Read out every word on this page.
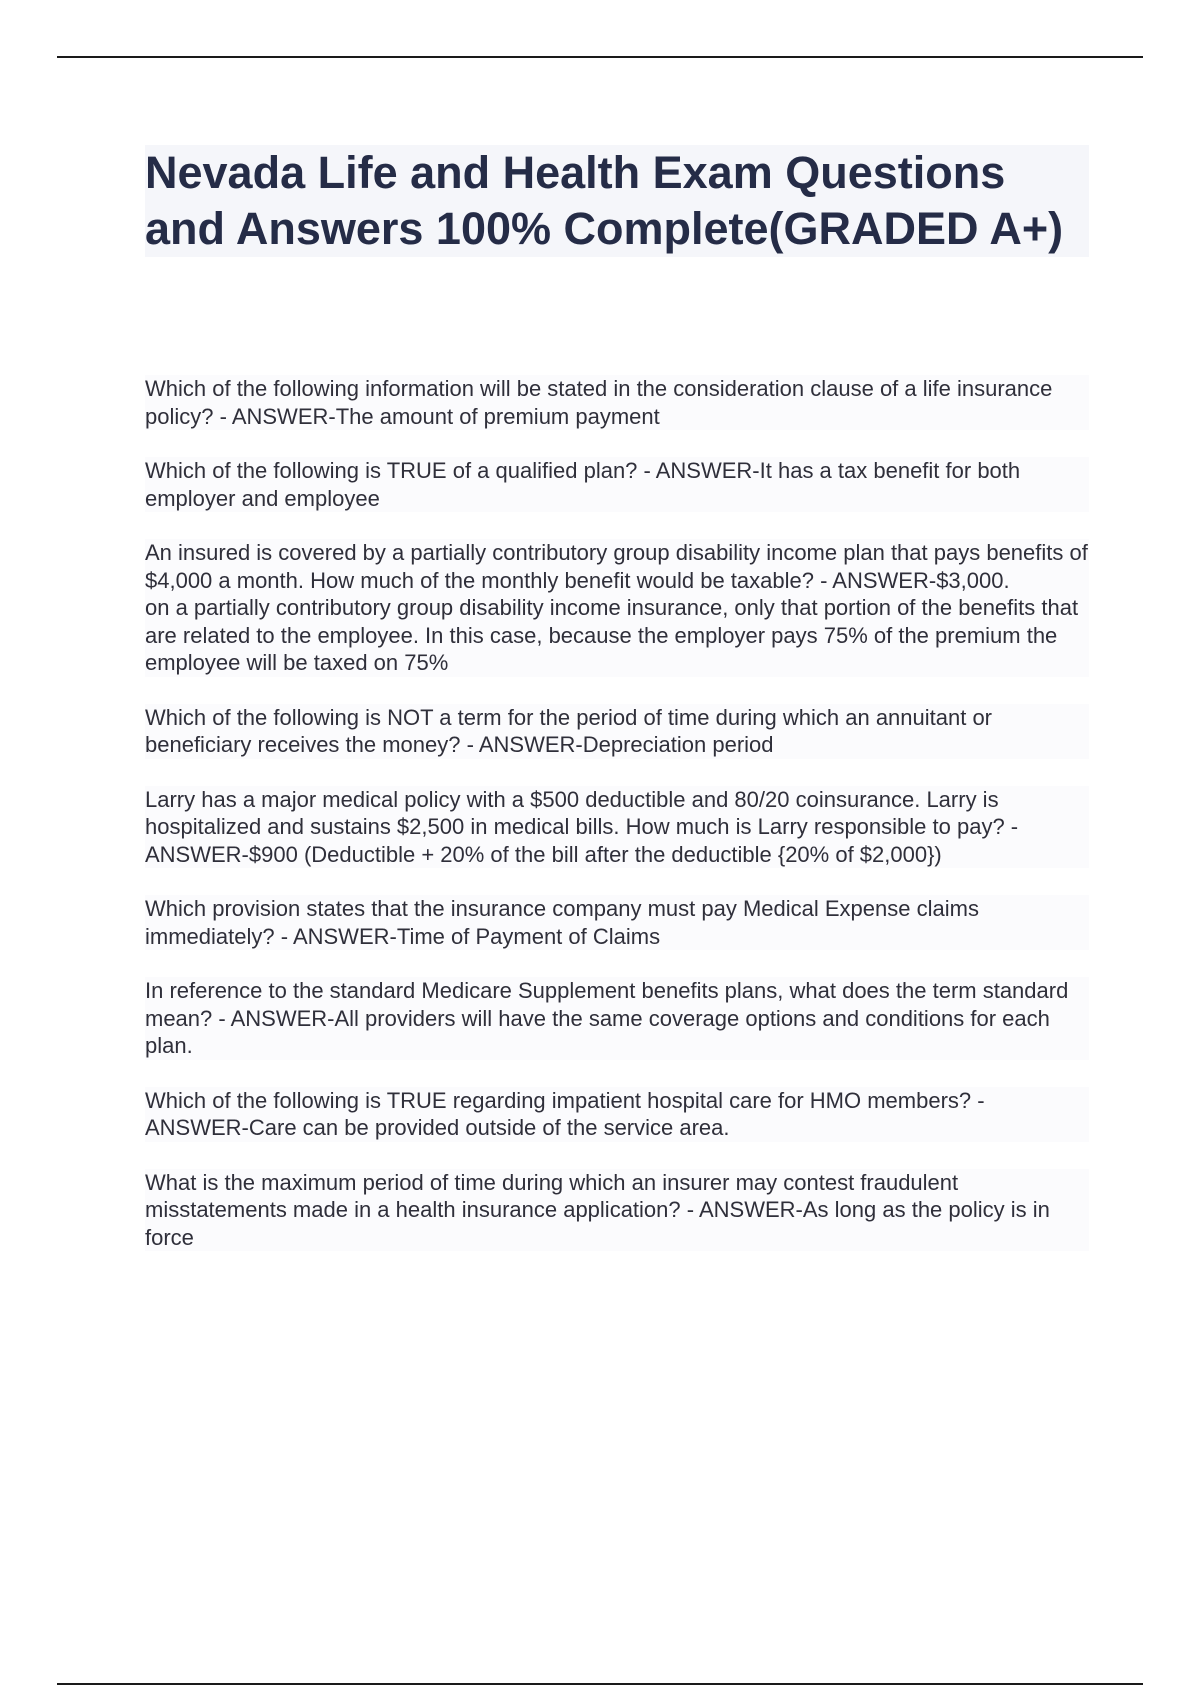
Nevada Life and Health Exam Questions and Answers 100% Complete(GRADED A+)
Which of the following information will be stated in the consideration clause of a life insurance policy? - ANSWER-The amount of premium payment
Which of the following is TRUE of a qualified plan? - ANSWER-It has a tax benefit for both employer and employee
An insured is covered by a partially contributory group disability income plan that pays benefits of $4,000 a month. How much of the monthly benefit would be taxable? - ANSWER-$3,000.
on a partially contributory group disability income insurance, only that portion of the benefits that are related to the employee. In this case, because the employer pays 75% of the premium the employee will be taxed on 75%
Which of the following is NOT a term for the period of time during which an annuitant or beneficiary receives the money? - ANSWER-Depreciation period
Larry has a major medical policy with a $500 deductible and 80/20 coinsurance. Larry is hospitalized and sustains $2,500 in medical bills. How much is Larry responsible to pay? - ANSWER-$900 (Deductible + 20% of the bill after the deductible {20% of $2,000})
Which provision states that the insurance company must pay Medical Expense claims immediately? - ANSWER-Time of Payment of Claims
In reference to the standard Medicare Supplement benefits plans, what does the term standard mean? - ANSWER-All providers will have the same coverage options and conditions for each plan.
Which of the following is TRUE regarding impatient hospital care for HMO members? - ANSWER-Care can be provided outside of the service area.
What is the maximum period of time during which an insurer may contest fraudulent misstatements made in a health insurance application? - ANSWER-As long as the policy is in force
